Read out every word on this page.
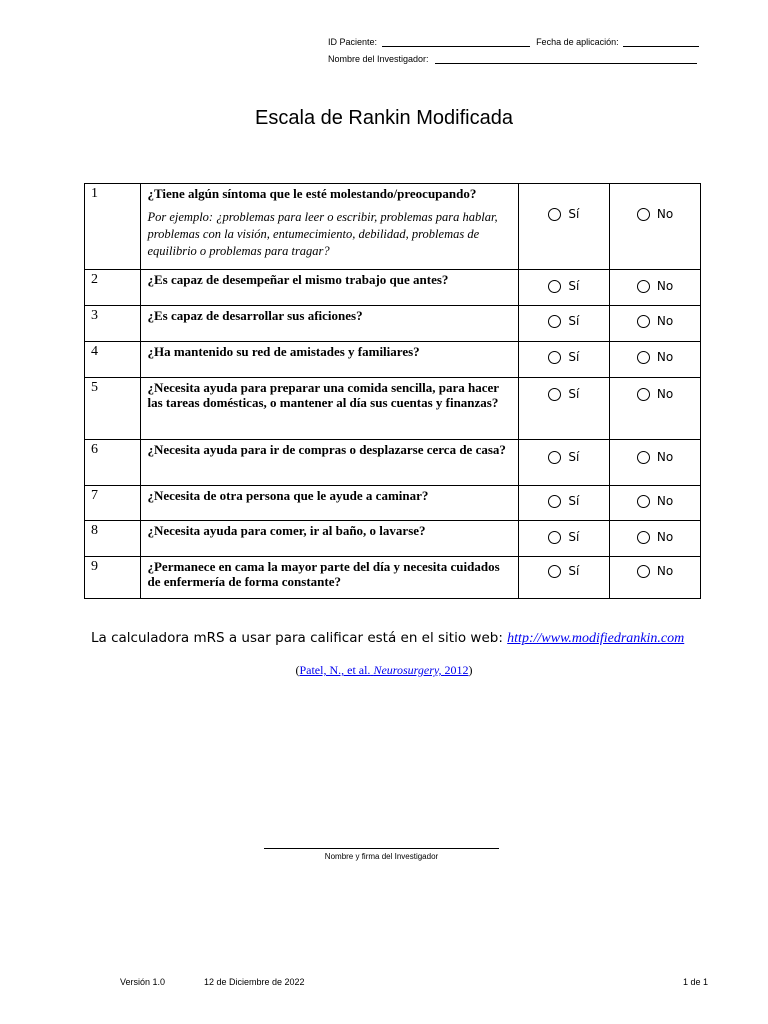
ID Paciente:	Fecha de aplicación:
Nombre del Investigador:
Escala de Rankin Modificada
1	¿Tiene algún síntoma que le esté molestando/preocupando?
Por ejemplo: ¿problemas para leer o escribir, problemas para hablar, problemas con la visión, entumecimiento, debilidad, problemas de equilibrio o problemas para tragar?	Sí	No

2	¿Es capaz de desempeñar el mismo trabajo que antes?	Sí	No

3	¿Es capaz de desarrollar sus aficiones?	Sí	No

4	¿Ha mantenido su red de amistades y familiares?	Sí	No

5	¿Necesita ayuda para preparar una comida sencilla, para hacer las tareas domésticas, o mantener al día sus cuentas y finanzas?	Sí	No

6	¿Necesita ayuda para ir de compras o desplazarse cerca de casa?	Sí	No

7	¿Necesita de otra persona que le ayude a caminar?	Sí	No

8	¿Necesita ayuda para comer, ir al baño, o lavarse?	Sí	No

9	¿Permanece en cama la mayor parte del día y necesita cuidados de enfermería de forma constante?	Sí	No
La calculadora mRS a usar para calificar está en el sitio web: http://www.modifiedrankin.com
(Patel, N., et al. Neurosurgery, 2012)
Nombre y firma del Investigador
Versión 1.0	12 de Diciembre de 2022	1 de 1
